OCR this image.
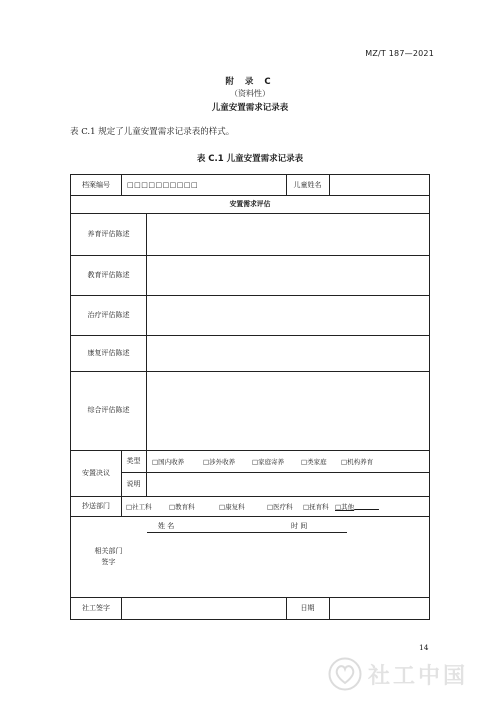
MZ/T 187—2021
附 录 C
（资料性）
儿童安置需求记录表
表 C.1 规定了儿童安置需求记录表的样式。
表 C.1 儿童安置需求记录表
档案编号	□□□□□□□□□□	儿童姓名
安置需求评估
养育评估陈述
教育评估陈述
治疗评估陈述
康复评估陈述
综合评估陈述
安置决议
类型	□国内收养	□涉外收养	□家庭寄养	□类家庭 □机构养育
说明
抄送部门	□社工科	□教育科	□康复科	□医疗科 □抚育科 □其他

相关部门
签字
姓 名	时 间
社工签字	日期
14
社工中国
